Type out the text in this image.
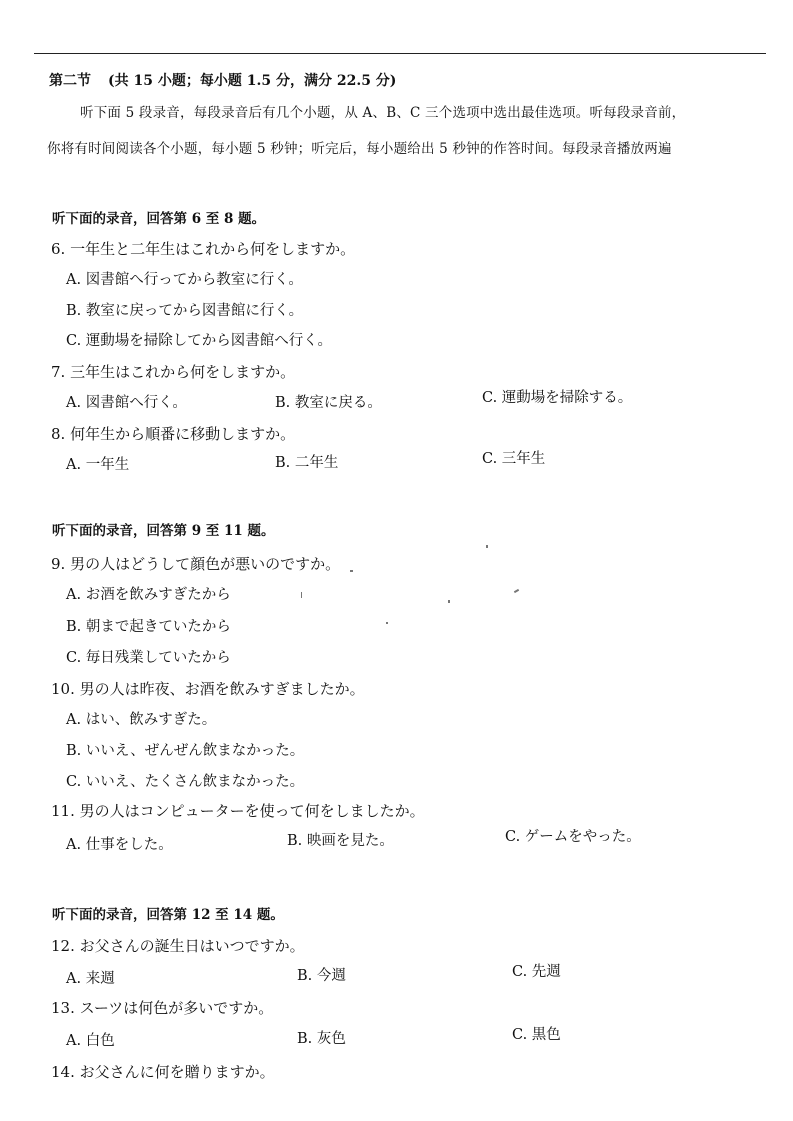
第二节 (共 15 小题；每小题 1.5 分，满分 22.5 分)
听下面 5 段录音，每段录音后有几个小题，从 A、B、C 三个选项中选出最佳选项。听每段录音前，
你将有时间阅读各个小题，每小题 5 秒钟；听完后，每小题给出 5 秒钟的作答时间。每段录音播放两遍
听下面的录音，回答第 6 至 8 题。
6. 一年生と二年生はこれから何をしますか。
A. 図書館へ行ってから教室に行く。
B. 教室に戻ってから図書館に行く。
C. 運動場を掃除してから図書館へ行く。
7. 三年生はこれから何をしますか。
A. 図書館へ行く。	B. 教室に戻る。	C. 運動場を掃除する。
8. 何年生から順番に移動しますか。
A. 一年生	B. 二年生	C. 三年生
听下面的录音，回答第 9 至 11 题。
9. 男の人はどうして顔色が悪いのですか。
A. お酒を飲みすぎたから
B. 朝まで起きていたから
C. 毎日残業していたから
10. 男の人は昨夜、お酒を飲みすぎましたか。
A. はい、飲みすぎた。
B. いいえ、ぜんぜん飲まなかった。
C. いいえ、たくさん飲まなかった。
11. 男の人はコンピューターを使って何をしましたか。
A. 仕事をした。	B. 映画を見た。	C. ゲームをやった。
听下面的录音，回答第 12 至 14 题。
12. お父さんの誕生日はいつですか。
A. 来週	B. 今週	C. 先週
13. スーツは何色が多いですか。
A. 白色	B. 灰色	C. 黒色
14. お父さんに何を贈りますか。
